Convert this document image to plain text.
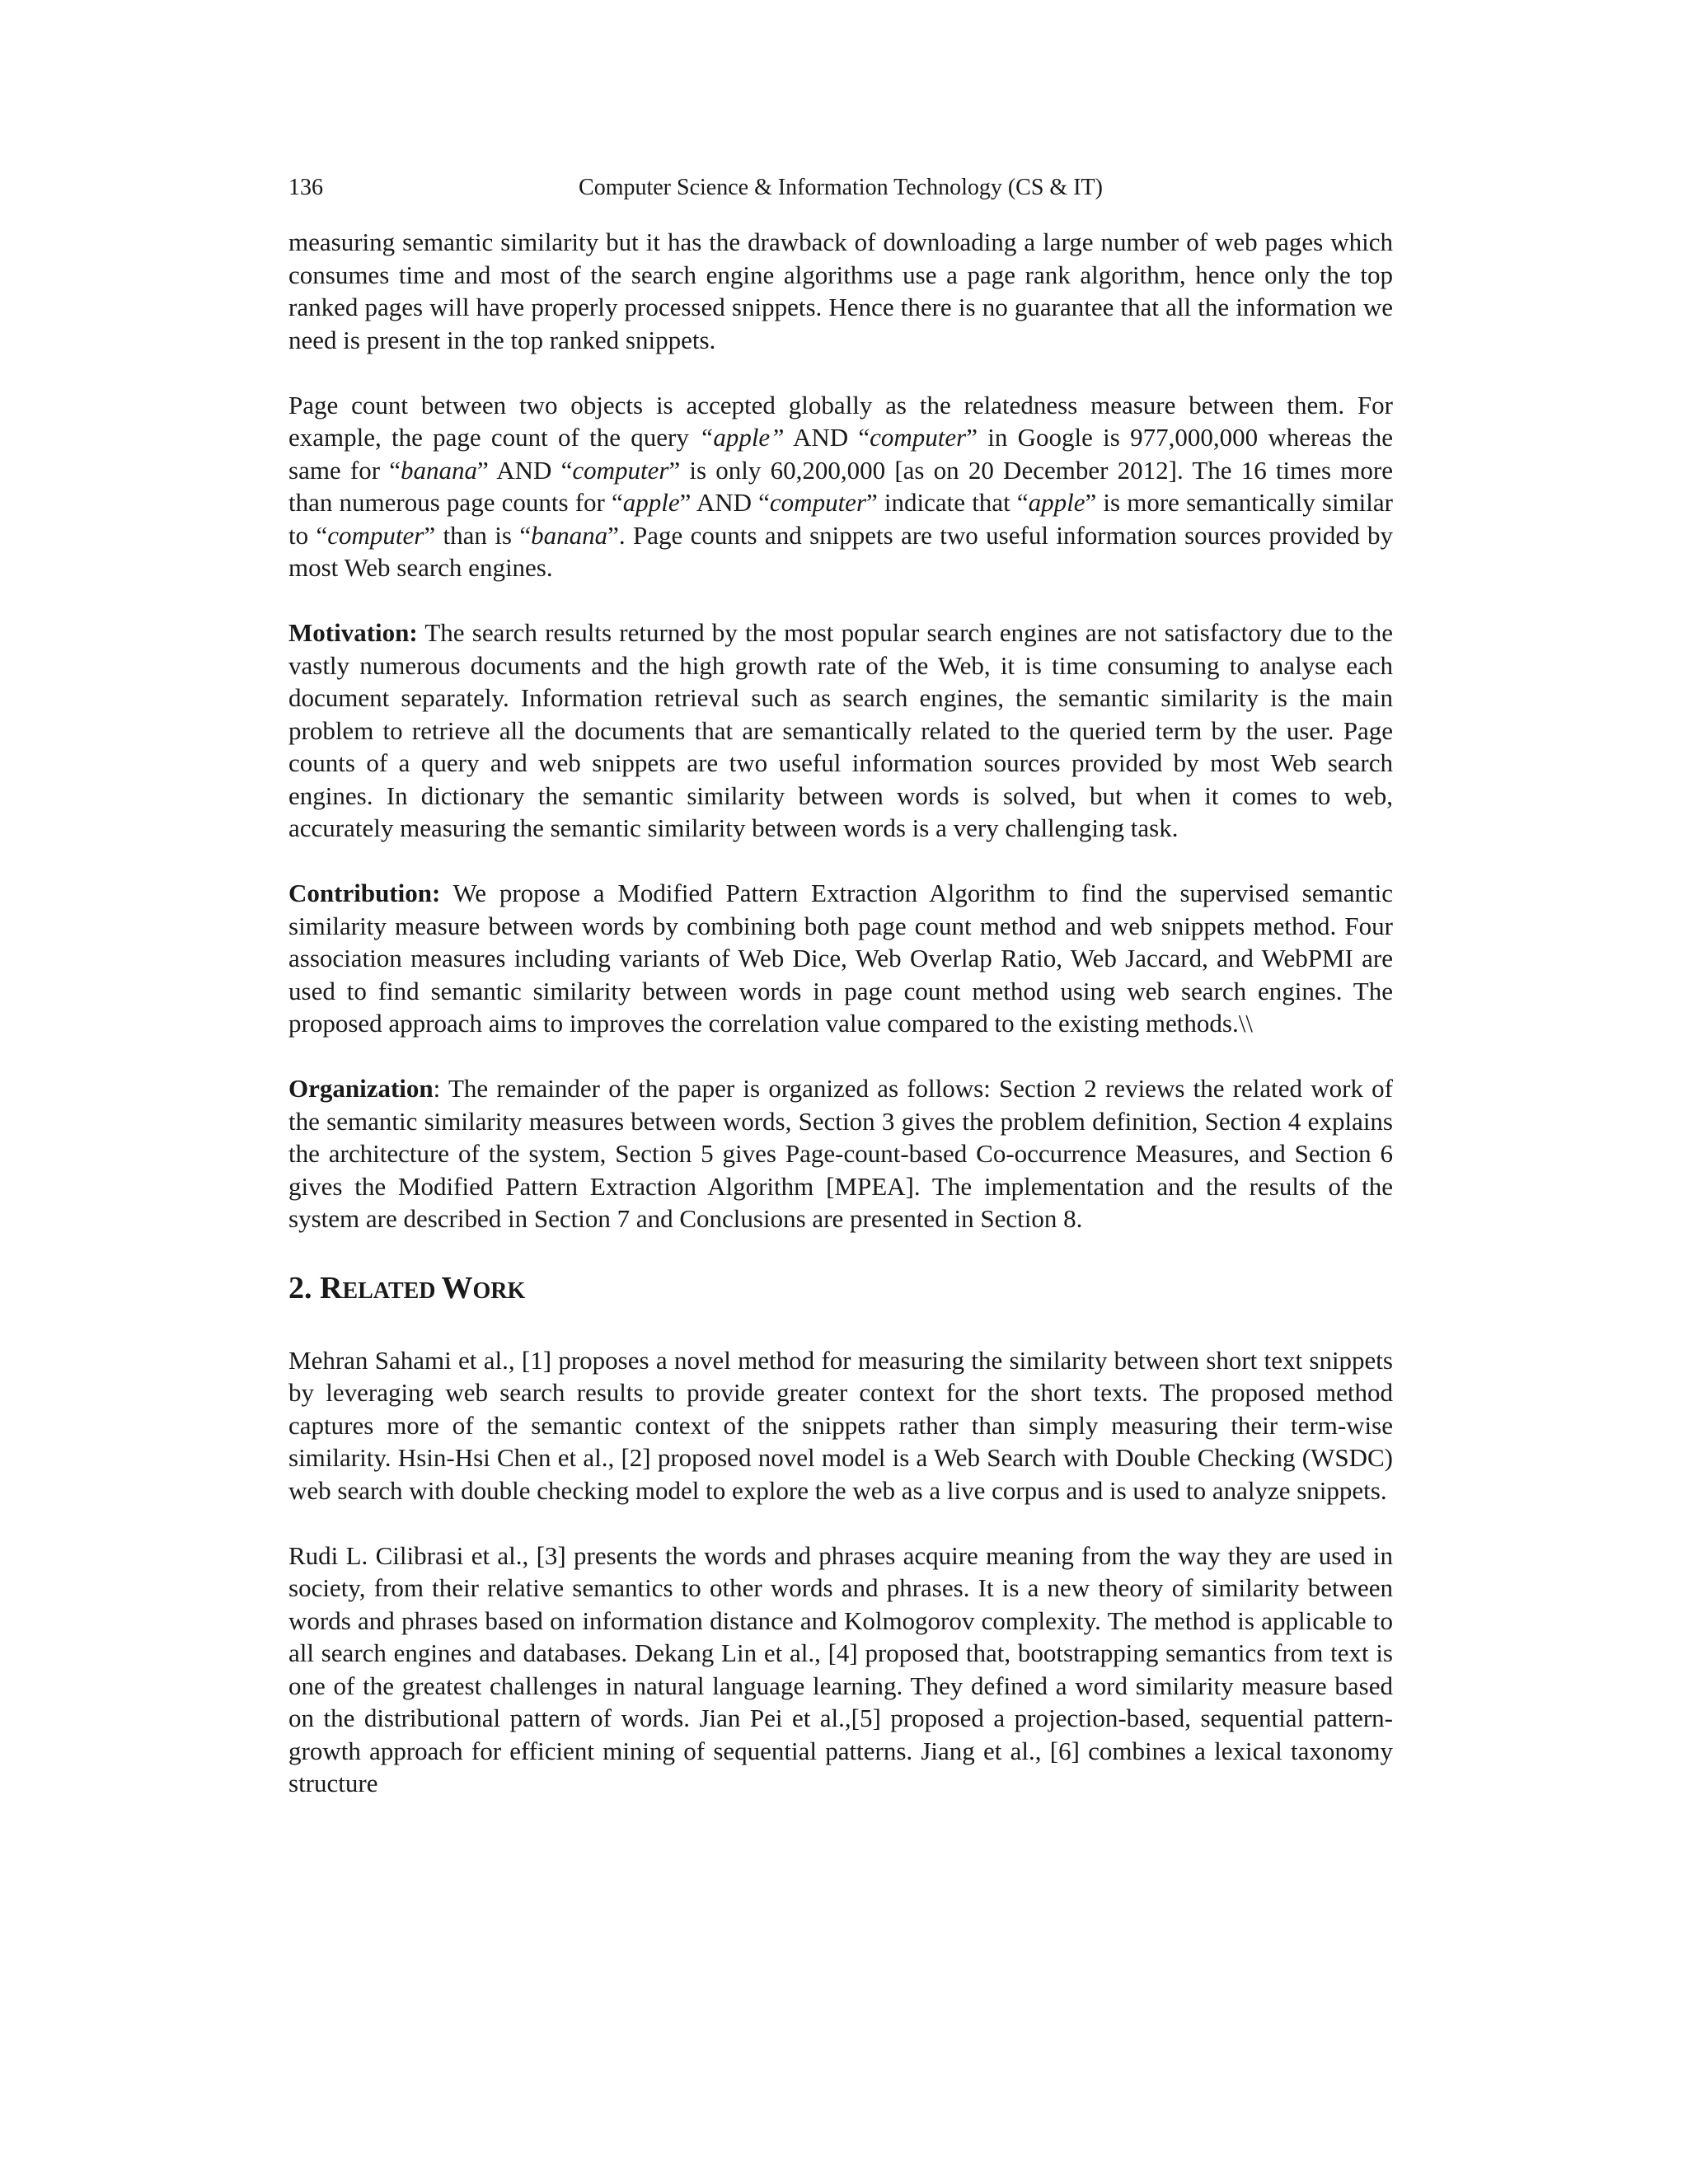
136	Computer Science & Information Technology (CS & IT)

measuring semantic similarity but it has the drawback of downloading a large number of web pages which consumes time and most of the search engine algorithms use a page rank algorithm, hence only the top ranked pages will have properly processed snippets. Hence there is no guarantee that all the information we need is present in the top ranked snippets.

Page count between two objects is accepted globally as the relatedness measure between them. For example, the page count of the query “apple” AND “computer” in Google is 977,000,000 whereas the same for “banana” AND “computer” is only 60,200,000 [as on 20 December 2012]. The 16 times more than numerous page counts for “apple” AND “computer” indicate that “apple” is more semantically similar to “computer” than is “banana”. Page counts and snippets are two useful information sources provided by most Web search engines.

Motivation: The search results returned by the most popular search engines are not satisfactory due to the vastly numerous documents and the high growth rate of the Web, it is time consuming to analyse each document separately. Information retrieval such as search engines, the semantic similarity is the main problem to retrieve all the documents that are semantically related to the queried term by the user. Page counts of a query and web snippets are two useful information sources provided by most Web search engines. In dictionary the semantic similarity between words is solved, but when it comes to web, accurately measuring the semantic similarity between words is a very challenging task.

Contribution: We propose a Modified Pattern Extraction Algorithm to find the supervised semantic similarity measure between words by combining both page count method and web snippets method. Four association measures including variants of Web Dice, Web Overlap Ratio, Web Jaccard, and WebPMI are used to find semantic similarity between words in page count method using web search engines. The proposed approach aims to improves the correlation value compared to the existing methods.\\

Organization: The remainder of the paper is organized as follows: Section 2 reviews the related work of the semantic similarity measures between words, Section 3 gives the problem definition, Section 4 explains the architecture of the system, Section 5 gives Page-count-based Co-occurrence Measures, and Section 6 gives the Modified Pattern Extraction Algorithm [MPEA]. The implementation and the results of the system are described in Section 7 and Conclusions are presented in Section 8.

2. RELATED WORK

Mehran Sahami et al., [1] proposes a novel method for measuring the similarity between short text snippets by leveraging web search results to provide greater context for the short texts. The proposed method captures more of the semantic context of the snippets rather than simply measuring their term-wise similarity. Hsin-Hsi Chen et al., [2] proposed novel model is a Web Search with Double Checking (WSDC) web search with double checking model to explore the web as a live corpus and is used to analyze snippets.

Rudi L. Cilibrasi et al., [3] presents the words and phrases acquire meaning from the way they are used in society, from their relative semantics to other words and phrases. It is a new theory of similarity between words and phrases based on information distance and Kolmogorov complexity. The method is applicable to all search engines and databases. Dekang Lin et al., [4] proposed that, bootstrapping semantics from text is one of the greatest challenges in natural language learning. They defined a word similarity measure based on the distributional pattern of words. Jian Pei et al.,[5] proposed a projection-based, sequential pattern-growth approach for efficient mining of sequential patterns. Jiang et al., [6] combines a lexical taxonomy structure
